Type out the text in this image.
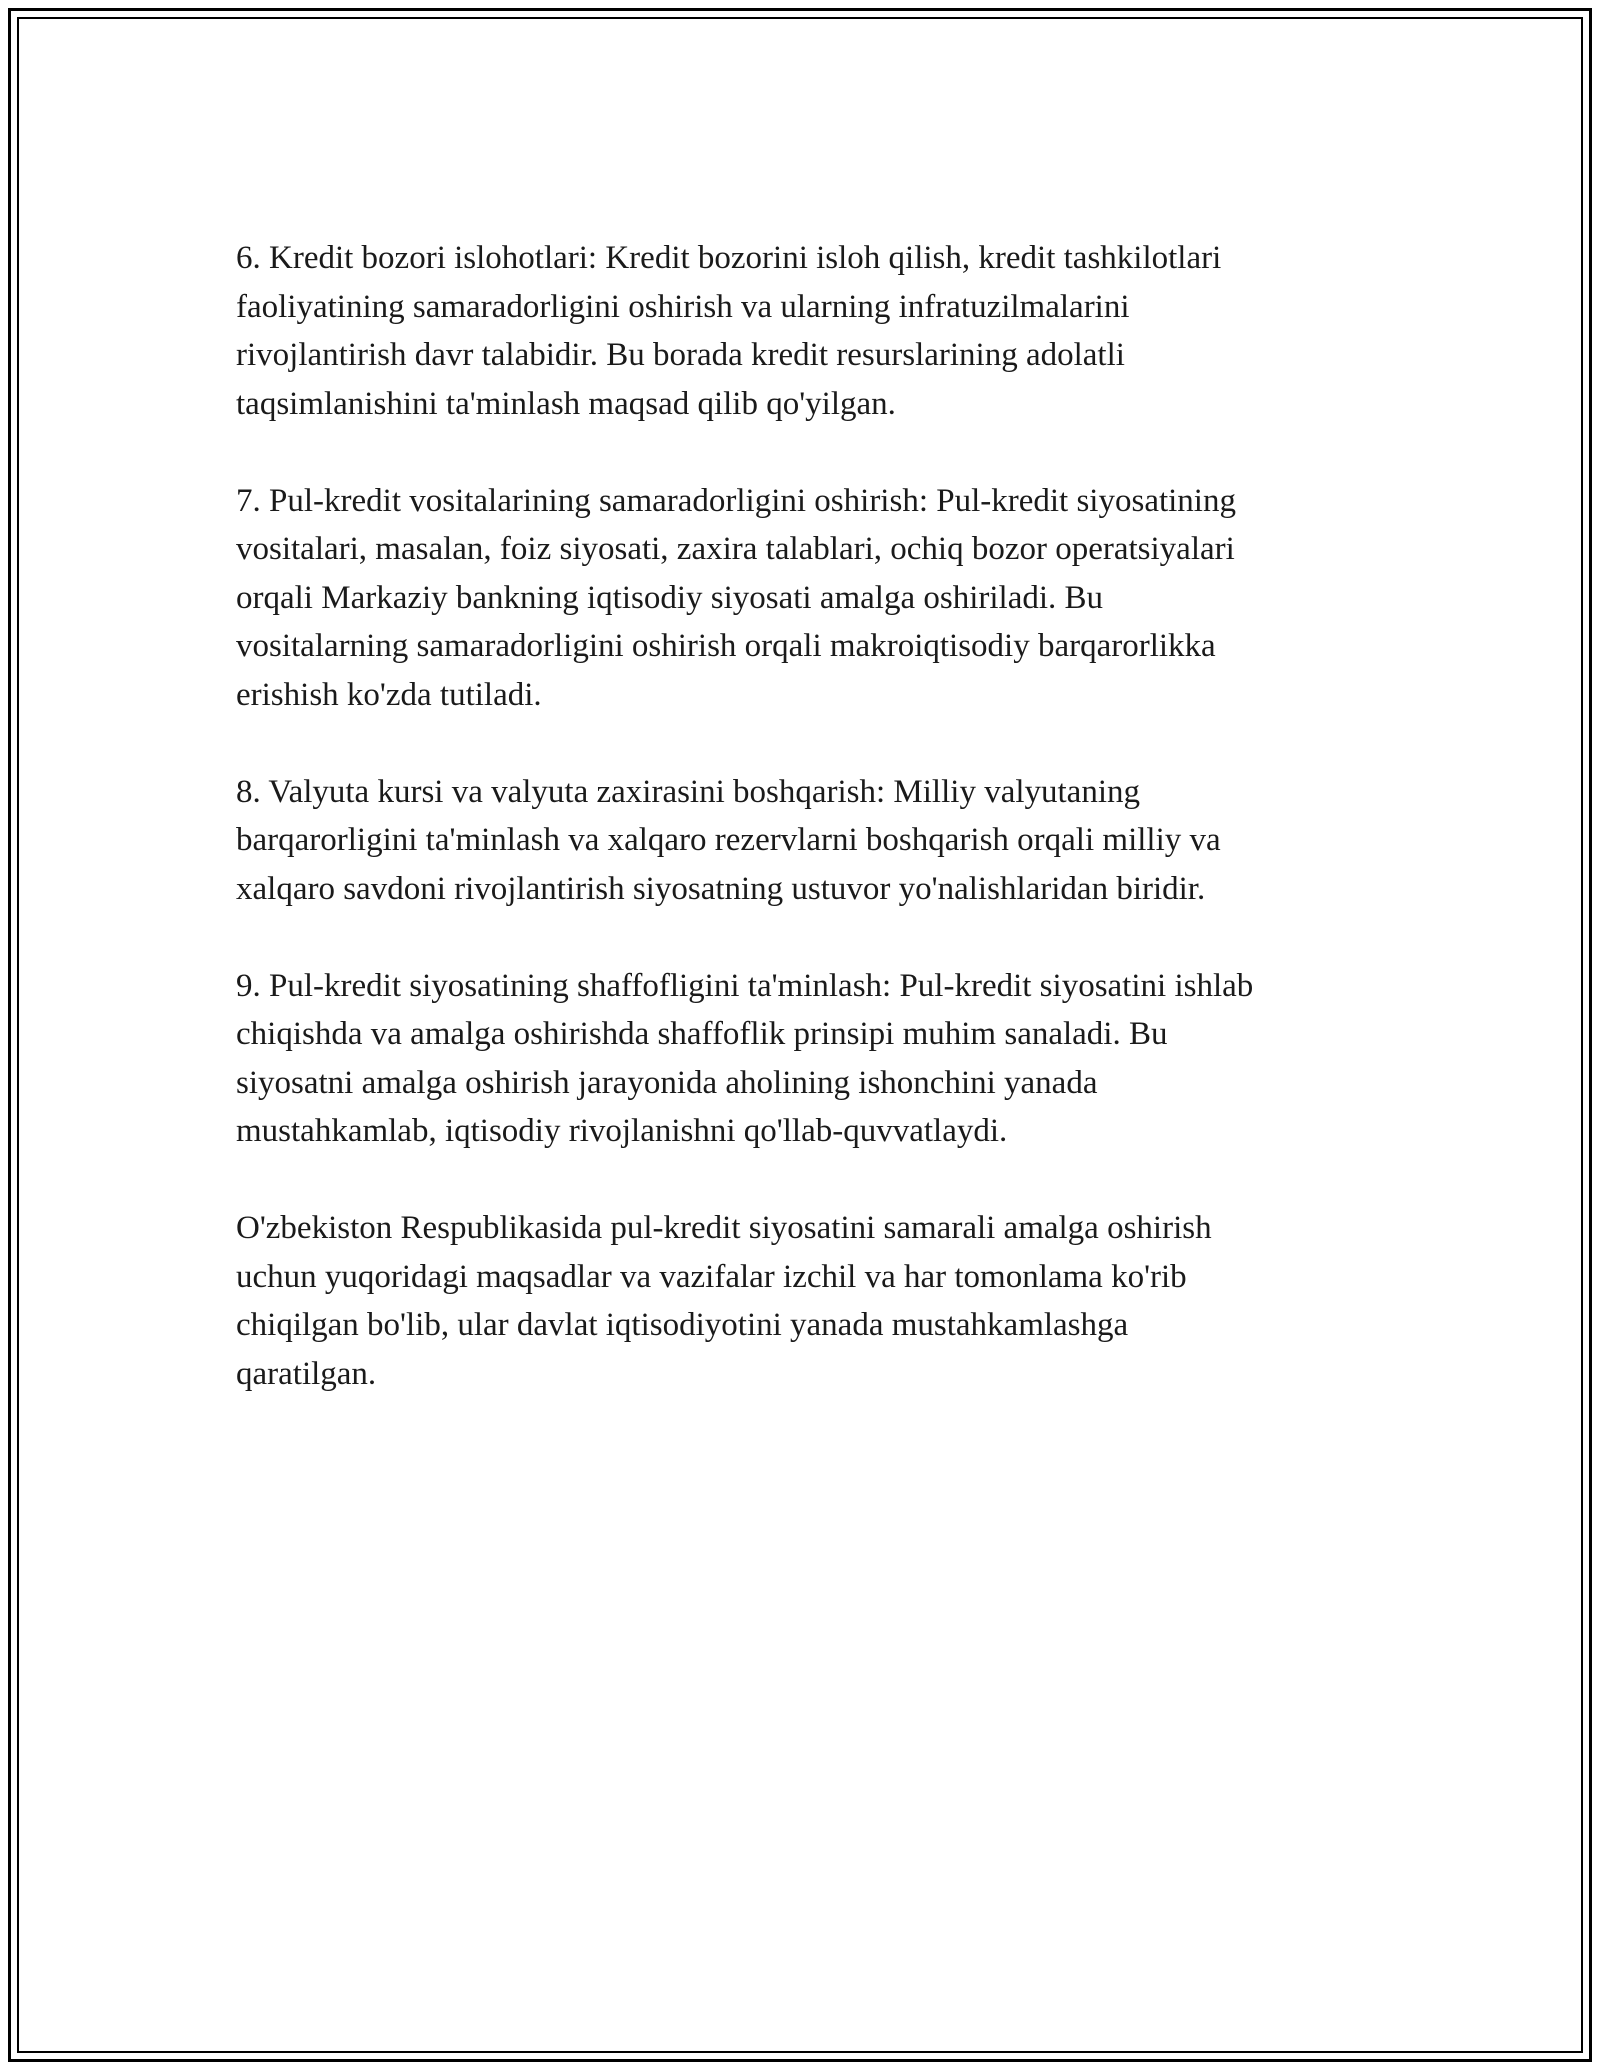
6. Kredit bozori islohotlari: Kredit bozorini isloh qilish, kredit tashkilotlari
faoliyatining samaradorligini oshirish va ularning infratuzilmalarini
rivojlantirish davr talabidir. Bu borada kredit resurslarining adolatli
taqsimlanishini ta'minlash maqsad qilib qo'yilgan.

7. Pul-kredit vositalarining samaradorligini oshirish: Pul-kredit siyosatining
vositalari, masalan, foiz siyosati, zaxira talablari, ochiq bozor operatsiyalari
orqali Markaziy bankning iqtisodiy siyosati amalga oshiriladi. Bu
vositalarning samaradorligini oshirish orqali makroiqtisodiy barqarorlikka
erishish ko'zda tutiladi.

8. Valyuta kursi va valyuta zaxirasini boshqarish: Milliy valyutaning
barqarorligini ta'minlash va xalqaro rezervlarni boshqarish orqali milliy va
xalqaro savdoni rivojlantirish siyosatning ustuvor yo'nalishlaridan biridir.

9. Pul-kredit siyosatining shaffofligini ta'minlash: Pul-kredit siyosatini ishlab
chiqishda va amalga oshirishda shaffoflik prinsipi muhim sanaladi. Bu
siyosatni amalga oshirish jarayonida aholining ishonchini yanada
mustahkamlab, iqtisodiy rivojlanishni qo'llab-quvvatlaydi.

O'zbekiston Respublikasida pul-kredit siyosatini samarali amalga oshirish
uchun yuqoridagi maqsadlar va vazifalar izchil va har tomonlama ko'rib
chiqilgan bo'lib, ular davlat iqtisodiyotini yanada mustahkamlashga
qaratilgan.
